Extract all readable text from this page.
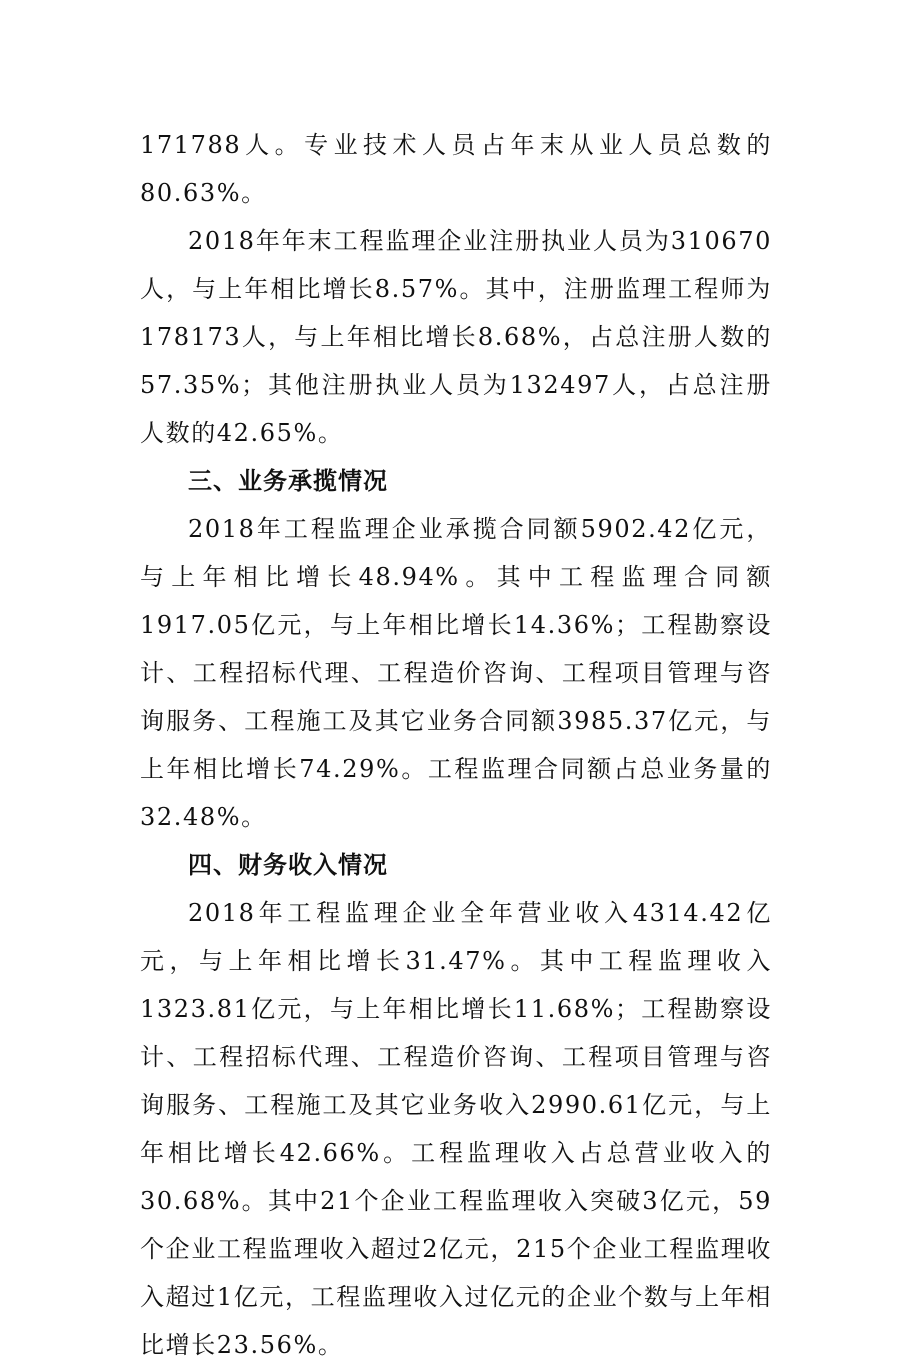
171788人。专业技术人员占年末从业人员总数的80.63%。

2018年年末工程监理企业注册执业人员为310670人，与上年相比增长8.57%。其中，注册监理工程师为178173人，与上年相比增长8.68%，占总注册人数的57.35%；其他注册执业人员为132497人，占总注册人数的42.65%。

三、业务承揽情况

2018年工程监理企业承揽合同额5902.42亿元，与上年相比增长48.94%。其中工程监理合同额1917.05亿元，与上年相比增长14.36%；工程勘察设计、工程招标代理、工程造价咨询、工程项目管理与咨询服务、工程施工及其它业务合同额3985.37亿元，与上年相比增长74.29%。工程监理合同额占总业务量的32.48%。

四、财务收入情况

2018年工程监理企业全年营业收入4314.42亿元，与上年相比增长31.47%。其中工程监理收入1323.81亿元，与上年相比增长11.68%；工程勘察设计、工程招标代理、工程造价咨询、工程项目管理与咨询服务、工程施工及其它业务收入2990.61亿元，与上年相比增长42.66%。工程监理收入占总营业收入的30.68%。其中21个企业工程监理收入突破3亿元，59个企业工程监理收入超过2亿元，215个企业工程监理收入超过1亿元，工程监理收入过亿元的企业个数与上年相比增长23.56%。
